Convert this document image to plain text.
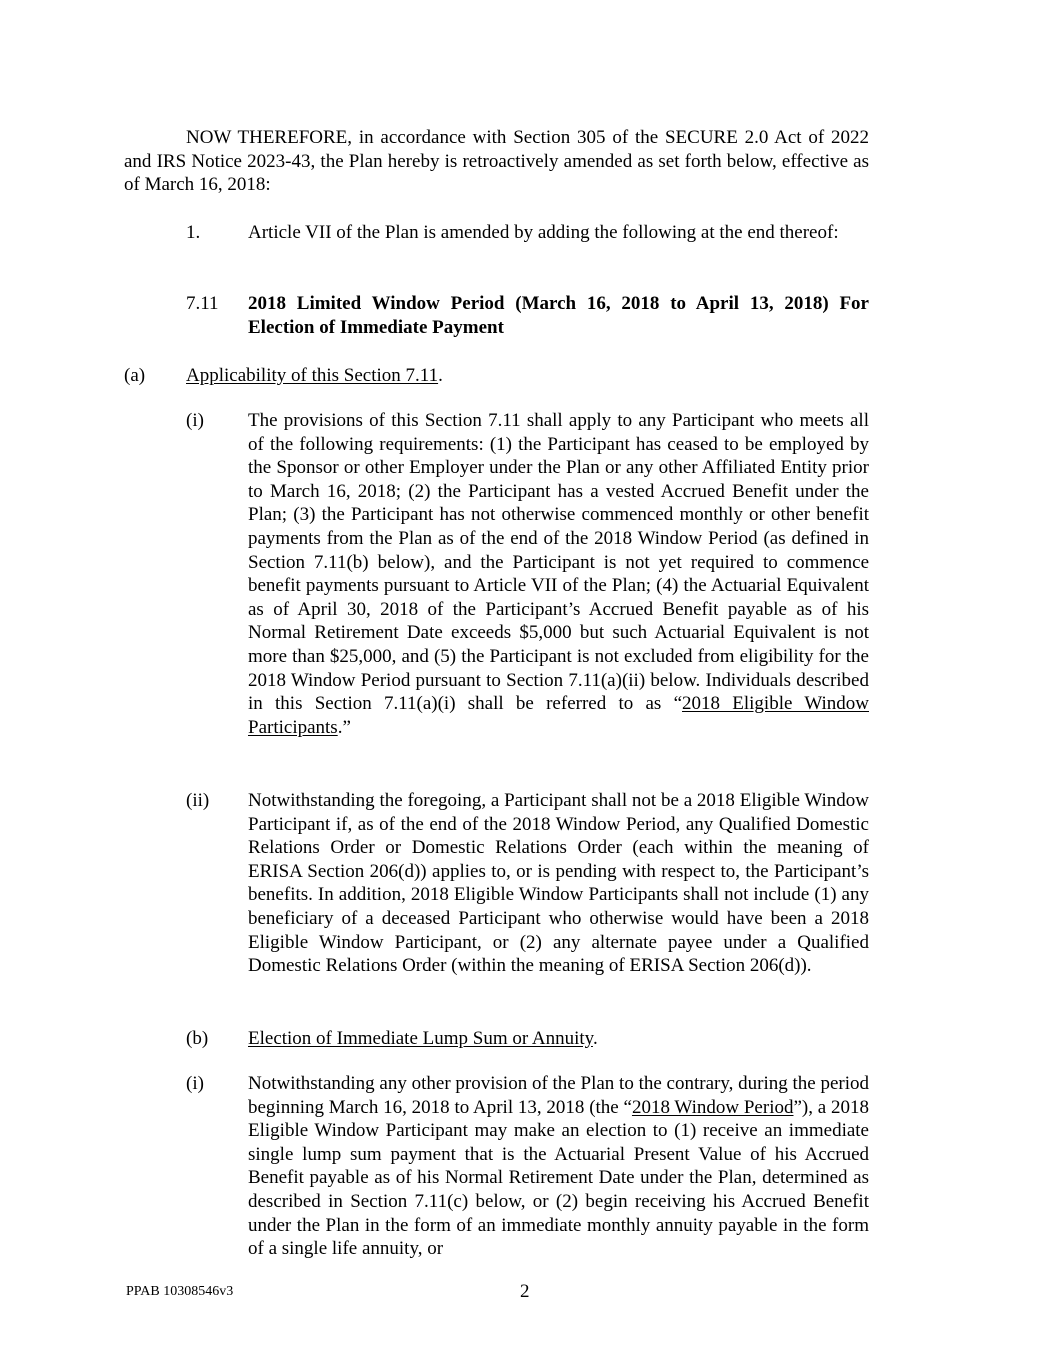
NOW THEREFORE, in accordance with Section 305 of the SECURE 2.0 Act of 2022 and IRS Notice 2023-43, the Plan hereby is retroactively amended as set forth below, effective as of March 16, 2018:

1.	Article VII of the Plan is amended by adding the following at the end thereof:

7.11 2018 Limited Window Period (March 16, 2018 to April 13, 2018) For Election of Immediate Payment

(a) Applicability of this Section 7.11.

(i) The provisions of this Section 7.11 shall apply to any Participant who meets all of the following requirements: (1) the Participant has ceased to be employed by the Sponsor or other Employer under the Plan or any other Affiliated Entity prior to March 16, 2018; (2) the Participant has a vested Accrued Benefit under the Plan; (3) the Participant has not otherwise commenced monthly or other benefit payments from the Plan as of the end of the 2018 Window Period (as defined in Section 7.11(b) below), and the Participant is not yet required to commence benefit payments pursuant to Article VII of the Plan; (4) the Actuarial Equivalent as of April 30, 2018 of the Participant’s Accrued Benefit payable as of his Normal Retirement Date exceeds $5,000 but such Actuarial Equivalent is not more than $25,000, and (5) the Participant is not excluded from eligibility for the 2018 Window Period pursuant to Section 7.11(a)(ii) below. Individuals described in this Section 7.11(a)(i) shall be referred to as “2018 Eligible Window Participants.”

(ii) Notwithstanding the foregoing, a Participant shall not be a 2018 Eligible Window Participant if, as of the end of the 2018 Window Period, any Qualified Domestic Relations Order or Domestic Relations Order (each within the meaning of ERISA Section 206(d)) applies to, or is pending with respect to, the Participant’s benefits. In addition, 2018 Eligible Window Participants shall not include (1) any beneficiary of a deceased Participant who otherwise would have been a 2018 Eligible Window Participant, or (2) any alternate payee under a Qualified Domestic Relations Order (within the meaning of ERISA Section 206(d)).

(b) Election of Immediate Lump Sum or Annuity.

(i) Notwithstanding any other provision of the Plan to the contrary, during the period beginning March 16, 2018 to April 13, 2018 (the “2018 Window Period”), a 2018 Eligible Window Participant may make an election to (1) receive an immediate single lump sum payment that is the Actuarial Present Value of his Accrued Benefit payable as of his Normal Retirement Date under the Plan, determined as described in Section 7.11(c) below, or (2) begin receiving his Accrued Benefit under the Plan in the form of an immediate monthly annuity payable in the form of a single life annuity, or

PPAB 10308546v3	2
